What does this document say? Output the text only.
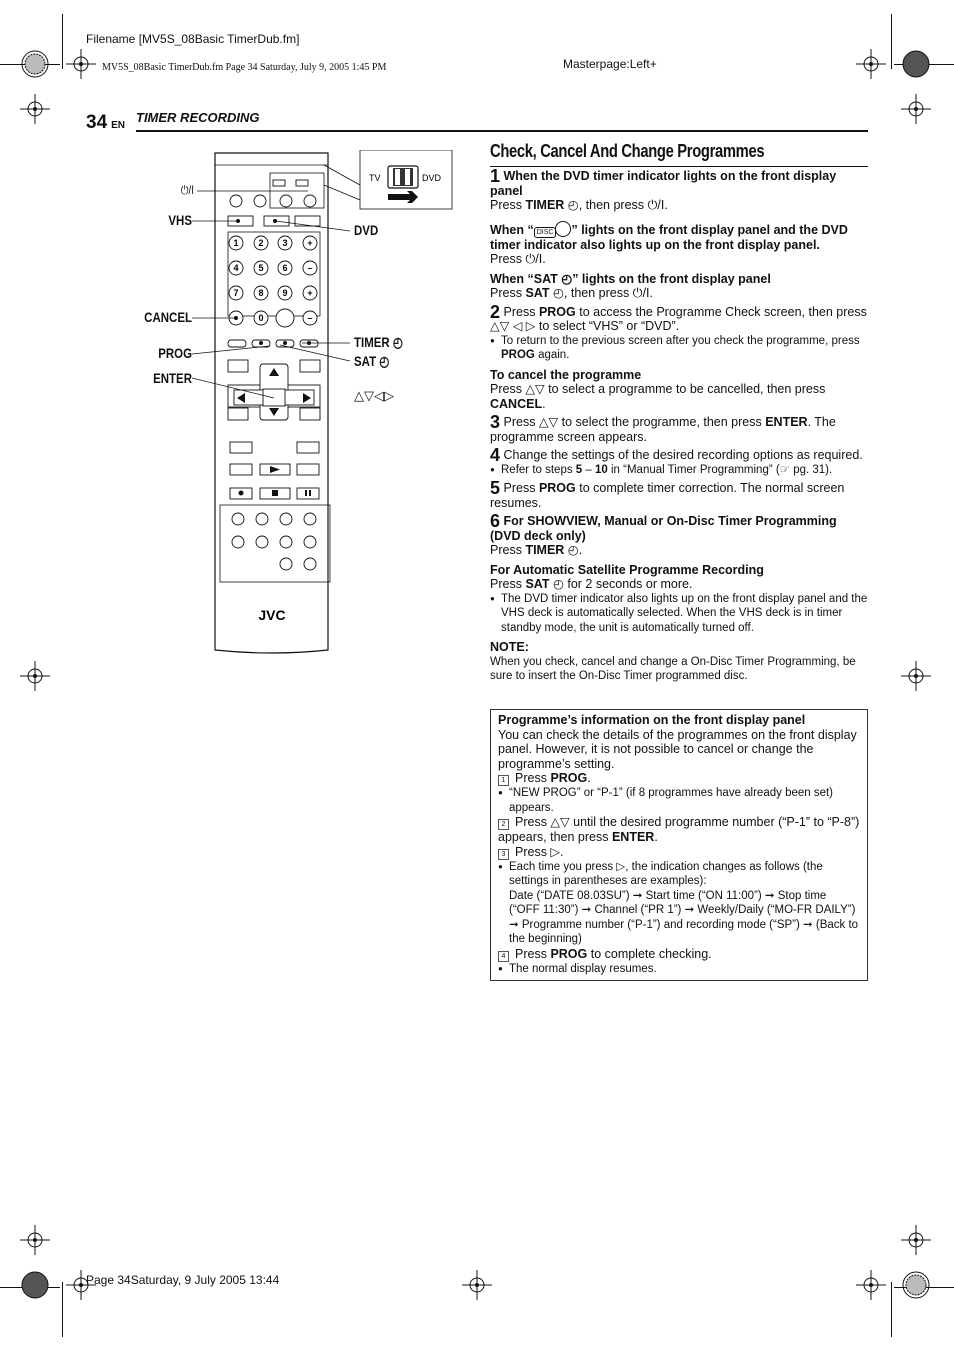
Filename [MV5S_08Basic TimerDub.fm]
Masterpage:Left+
MV5S_08Basic TimerDub.fm Page 34 Saturday, July 9, 2005 1:45 PM
Page 34Saturday, 9 July 2005 13:44
34 EN
TIMER RECORDING
1 2 3 +
4 5 6 –
7 8 9 +
0	–
JVC
TV	DVD
⏻/I
VHS
CANCEL
PROG
ENTER
DVD
TIMER ◴
SAT ◴
△▽◁▷
Check, Cancel And Change Programmes
1 When the DVD timer indicator lights on the front display panel
Press TIMER ◴, then press ⏻/I.
When “ DISC ” lights on the front display panel and the DVD timer indicator also lights up on the front display panel.
Press ⏻/I.
When “SAT ◴” lights on the front display panel
Press SAT ◴, then press ⏻/I.
2 Press PROG to access the Programme Check screen, then press △▽ ◁ ▷ to select “VHS” or “DVD”.
● To return to the previous screen after you check the programme, press PROG again.
To cancel the programme
Press △▽ to select a programme to be cancelled, then press CANCEL.
3 Press △▽ to select the programme, then press ENTER. The programme screen appears.
4 Change the settings of the desired recording options as required.
● Refer to steps 5 – 10 in “Manual Timer Programming” (☞ pg. 31).
5 Press PROG to complete timer correction. The normal screen resumes.
6 For SHOWVIEW, Manual or On-Disc Timer Programming (DVD deck only)
Press TIMER ◴.
For Automatic Satellite Programme Recording
Press SAT ◴ for 2 seconds or more.
● The DVD timer indicator also lights up on the front display panel and the VHS deck is automatically selected. When the VHS deck is in timer standby mode, the unit is automatically turned off.
NOTE:
When you check, cancel and change a On-Disc Timer Programming, be sure to insert the On-Disc Timer programmed disc.
Programme’s information on the front display panel
You can check the details of the programmes on the front display panel. However, it is not possible to cancel or change the programme’s setting.
1 Press PROG.
● “NEW PROG” or “P-1” (if 8 programmes have already been set) appears.
2 Press △▽ until the desired programme number (“P-1” to “P-8”) appears, then press ENTER.
3 Press ▷.
● Each time you press ▷, the indication changes as follows (the settings in parentheses are examples):
Date (“DATE 08.03SU”) ➞ Start time (“ON 11:00”) ➞ Stop time (“OFF 11:30”) ➞ Channel (“PR 1”) ➞ Weekly/Daily (“MO-FR DAILY”) ➞ Programme number (“P-1”) and recording mode (“SP”) ➞ (Back to the beginning)
4 Press PROG to complete checking.
● The normal display resumes.
